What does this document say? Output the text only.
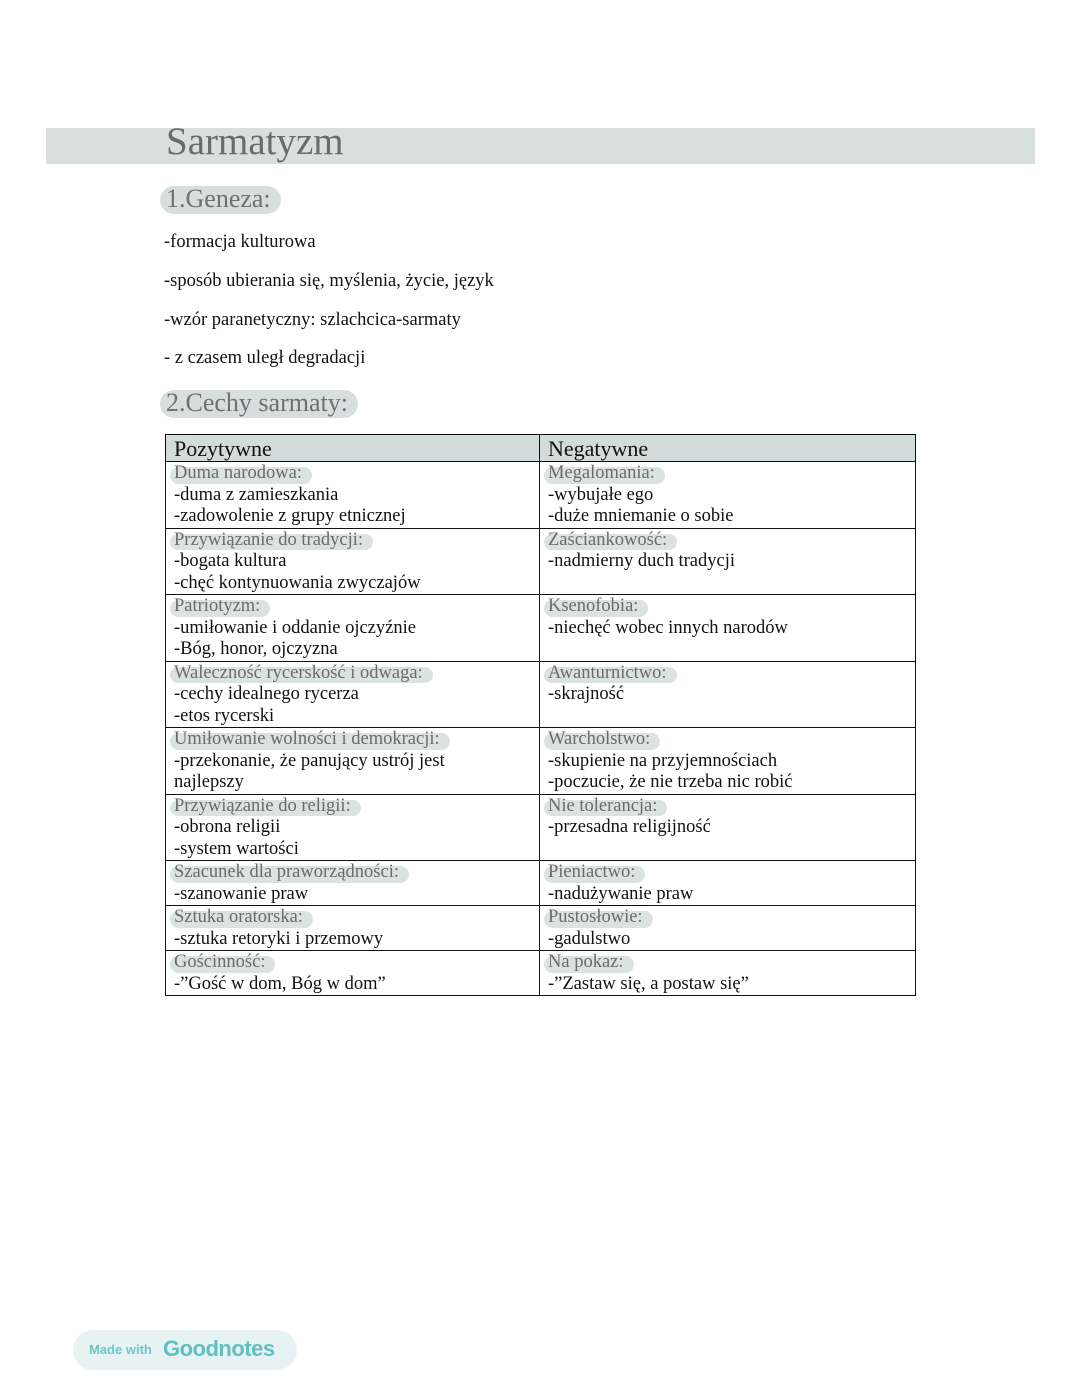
Sarmatyzm
1.Geneza:
-formacja kulturowa
-sposób ubierania się, myślenia, życie, język
-wzór paranetyczny: szlachcica-sarmaty
- z czasem uległ degradacji
2.Cechy sarmaty:
Pozytywne	Negatywne
Duma narodowa:
-duma z zamieszkania
-zadowolenie z grupy etnicznej	Megalomania:
-wybujałe ego
-duże mniemanie o sobie

Przywiązanie do tradycji:
-bogata kultura
-chęć kontynuowania zwyczajów	Zaściankowość:
-nadmierny duch tradycji

Patriotyzm:
-umiłowanie i oddanie ojczyźnie
-Bóg, honor, ojczyzna	Ksenofobia:
-niechęć wobec innych narodów

Waleczność rycerskość i odwaga:
-cechy idealnego rycerza
-etos rycerski	Awanturnictwo:
-skrajność

Umiłowanie wolności i demokracji:
-przekonanie, że panujący ustrój jest
najlepszy	Warcholstwo:
-skupienie na przyjemnościach
-poczucie, że nie trzeba nic robić

Przywiązanie do religii:
-obrona religii
-system wartości	Nie tolerancja:
-przesadna religijność

Szacunek dla praworządności:
-szanowanie praw	Pieniactwo:
-nadużywanie praw

Sztuka oratorska:
-sztuka retoryki i przemowy	Pustosłowie:
-gadulstwo

Gościnność:
-”Gość w dom, Bóg w dom”	Na pokaz:
-”Zastaw się, a postaw się”
Made with Goodnotes
